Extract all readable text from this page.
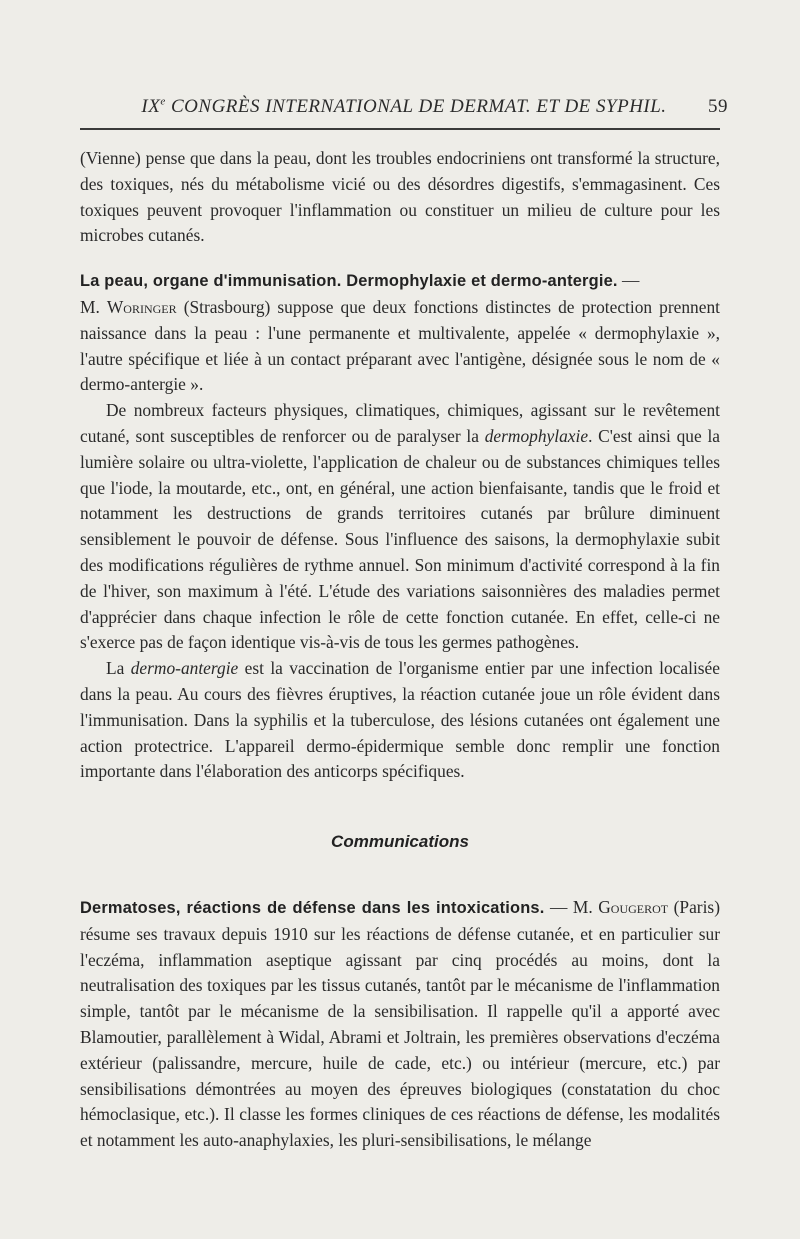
IXe CONGRÈS INTERNATIONAL DE DERMAT. ET DE SYPHIL. 59

(Vienne) pense que dans la peau, dont les troubles endocriniens ont transformé la structure, des toxiques, nés du métabolisme vicié ou des désordres digestifs, s'emmagasinent. Ces toxiques peuvent provoquer l'inflammation ou constituer un milieu de culture pour les microbes cutanés.

La peau, organe d'immunisation. Dermophylaxie et dermo-antergie. —
M. Woringer (Strasbourg) suppose que deux fonctions distinctes de protection prennent naissance dans la peau : l'une permanente et multivalente, appelée « dermophylaxie », l'autre spécifique et liée à un contact préparant avec l'antigène, désignée sous le nom de « dermo-antergie ».

De nombreux facteurs physiques, climatiques, chimiques, agissant sur le revêtement cutané, sont susceptibles de renforcer ou de paralyser la dermophylaxie. C'est ainsi que la lumière solaire ou ultra-violette, l'application de chaleur ou de substances chimiques telles que l'iode, la moutarde, etc., ont, en général, une action bienfaisante, tandis que le froid et notamment les destructions de grands territoires cutanés par brûlure diminuent sensiblement le pouvoir de défense. Sous l'influence des saisons, la dermophylaxie subit des modifications régulières de rythme annuel. Son minimum d'activité correspond à la fin de l'hiver, son maximum à l'été. L'étude des variations saisonnières des maladies permet d'apprécier dans chaque infection le rôle de cette fonction cutanée. En effet, celle-ci ne s'exerce pas de façon identique vis-à-vis de tous les germes pathogènes.

La dermo-antergie est la vaccination de l'organisme entier par une infection localisée dans la peau. Au cours des fièvres éruptives, la réaction cutanée joue un rôle évident dans l'immunisation. Dans la syphilis et la tuberculose, des lésions cutanées ont également une action protectrice. L'appareil dermo-épidermique semble donc remplir une fonction importante dans l'élaboration des anticorps spécifiques.

Communications

Dermatoses, réactions de défense dans les intoxications. — M. Gougerot (Paris) résume ses travaux depuis 1910 sur les réactions de défense cutanée, et en particulier sur l'eczéma, inflammation aseptique agissant par cinq procédés au moins, dont la neutralisation des toxiques par les tissus cutanés, tantôt par le mécanisme de l'inflammation simple, tantôt par le mécanisme de la sensibilisation. Il rappelle qu'il a apporté avec Blamoutier, parallèlement à Widal, Abrami et Joltrain, les premières observations d'eczéma extérieur (palissandre, mercure, huile de cade, etc.) ou intérieur (mercure, etc.) par sensibilisations démontrées au moyen des épreuves biologiques (constatation du choc hémoclasique, etc.). Il classe les formes cliniques de ces réactions de défense, les modalités et notamment les auto-anaphylaxies, les pluri-sensibilisations, le mélange
